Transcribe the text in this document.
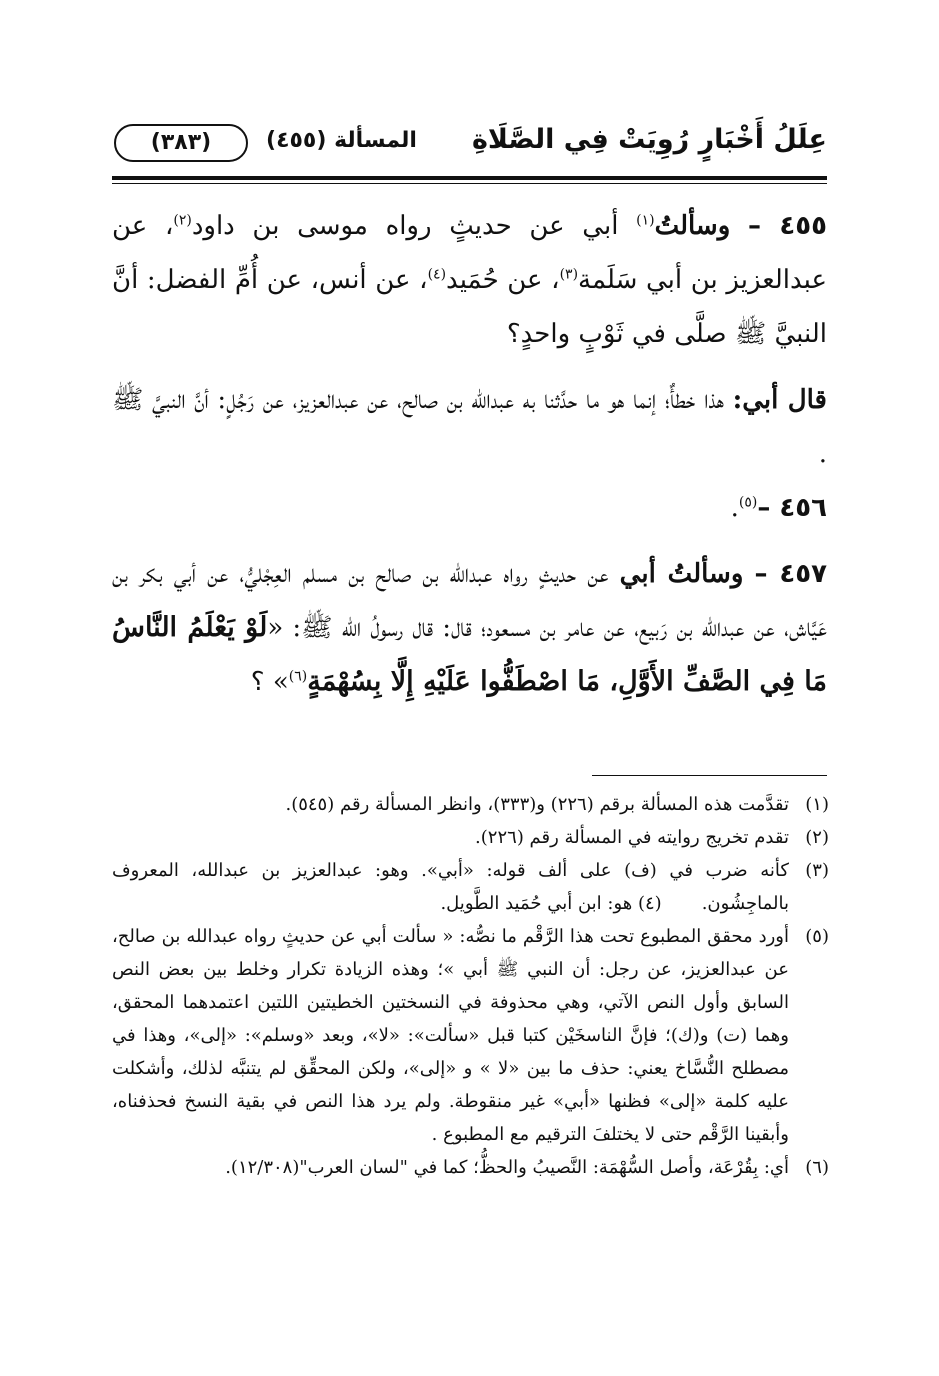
عِلَلُ أَخْبَارٍ رُوِيَتْ فِي الصَّلَاةِ
المسألة (٤٥٥)
(٣٨٣)

٤٥٥ – وسألتُ$^{(١)}$ أبي عن حديثٍ رواه موسى بن داود$^{(٢)}$، عن عبدالعزيز بن أبي سَلَمة$^{(٣)}$، عن حُمَيد$^{(٤)}$، عن أنس، عن أُمِّ الفضل: أنَّ النبيَّ ﷺ صلَّى في ثَوْبٍ واحدٍ؟

قال أبي: هذا خطأٌ؛ إنما هو ما حدَّثنا به عبدالله بن صالح، عن عبدالعزيز، عن رَجُلٍ: أنَّ النبيَّ ﷺ .

٤٥٦ –$^{(٥)}$.

٤٥٧ – وسألتُ أبي عن حديثٍ رواه عبدالله بن صالح بن مسلم العِجْليُّ، عن أبي بكر بن عَيَّاش، عن عبدالله بن رَبيع، عن عامر بن مسعود؛ قال: قال رسولُ الله ﷺ: «لَوْ يَعْلَمُ النَّاسُ مَا فِي الصَّفِّ الأَوَّلِ، مَا اصْطَفُّوا عَلَيْهِ إِلَّا بِسُهْمَةٍ$^{(٦)}$» ؟

(١)
تقدَّمت هذه المسألة برقم (٢٢٦) و(٣٣٣)، وانظر المسألة رقم (٥٤٥).
(٢)
تقدم تخريج روايته في المسألة رقم (٢٢٦).
(٣)
كأنه ضرب في (ف) على ألف قوله: «أبي». وهو: عبدالعزيز بن عبدالله، المعروف بالماجِشُون.(٤) هو: ابن أبي حُمَيد الطَّويل.
(٥)
أورد محقق المطبوع تحت هذا الرَّقْم ما نصُّه: « سألت أبي عن حديثٍ رواه عبدالله بن صالح، عن عبدالعزيز، عن رجل: أن النبي ﷺ أبي »؛ وهذه الزيادة تكرار وخلط بين بعض النص السابق وأول النص الآتي، وهي محذوفة في النسختين الخطيتين اللتين اعتمدهما المحقق، وهما (ت) و(ك)؛ فإنَّ الناسخَيْن كتبا قبل «سألت»: «لا»، وبعد «وسلم»: «إلى»، وهذا في مصطلح النُّسَّاخ يعني: حذف ما بين «لا » و «إلى»، ولكن المحقِّق لم يتنبَّه لذلك، وأشكلت عليه كلمة «إلى» فظنها «أبي» غير منقوطة. ولم يرد هذا النص في بقية النسخ فحذفناه، وأبقينا الرَّقْم حتى لا يختلفَ الترقيم مع المطبوع .
(٦)
أي: بِقُرْعَة، وأصل السُّهْمَة: النَّصيبُ والحظُّ؛ كما في "لسان العرب"(١٢/٣٠٨).
